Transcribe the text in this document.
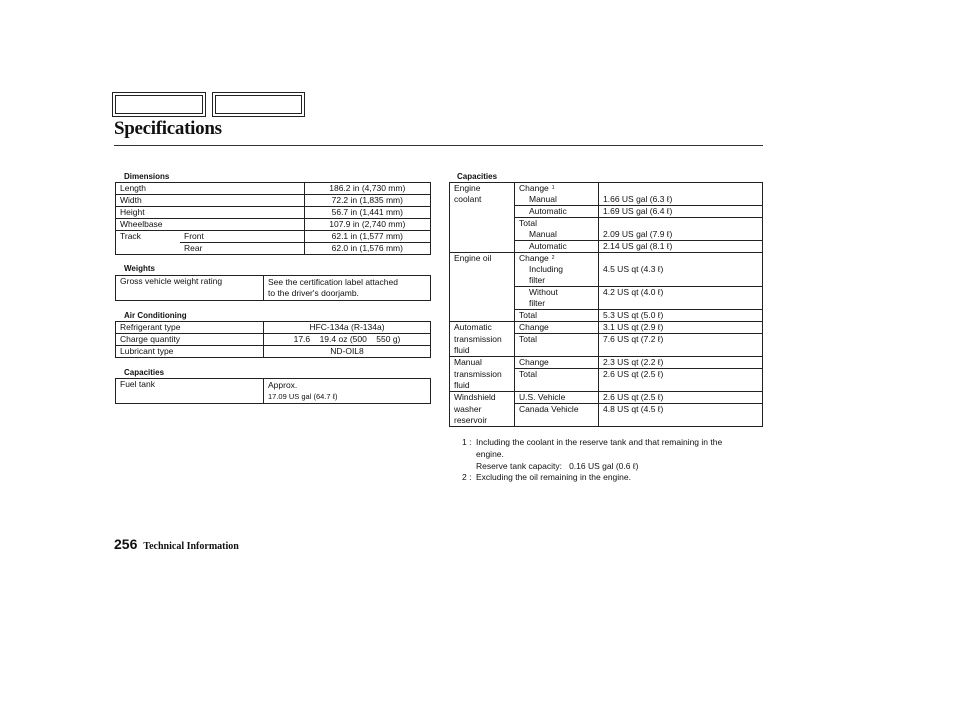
Specifications
Dimensions
Length		186.2 in (4,730 mm)
Width		72.2 in (1,835 mm)
Height		56.7 in (1,441 mm)
Wheelbase		107.9 in (2,740 mm)
Track	Front	62.1 in (1,577 mm)
	Rear	62.0 in (1,576 mm)
Weights
Gross vehicle weight rating	See the certification label attached
to the driver's doorjamb.
Air Conditioning
Refrigerant type	HFC-134a (R-134a)
Charge quantity	17.6    19.4 oz (500    550 g)
Lubricant type	ND-OIL8
Capacities
Fuel tank	Approx.
17.09 US gal (64.7 ℓ)
Capacities
Engine	Change $^1$	
coolant	Manual	1.66 US gal (6.3 ℓ)
	Automatic	1.69 US gal (6.4 ℓ)
	Total	
	Manual	2.09 US gal (7.9 ℓ)
	Automatic	2.14 US gal (8.1 ℓ)
Engine oil	Change $^2$	
	Including	4.5 US qt (4.3 ℓ)
	filter	
	Without	4.2 US qt (4.0 ℓ)
	filter	
	Total	5.3 US qt (5.0 ℓ)
Automatic	Change	3.1 US qt (2.9 ℓ)
transmission	Total	7.6 US qt (7.2 ℓ)
fluid		
Manual	Change	2.3 US qt (2.2 ℓ)
transmission	Total	2.6 US qt (2.5 ℓ)
fluid		
Windshield	U.S. Vehicle	2.6 US qt (2.5 ℓ)
washer	Canada Vehicle	4.8 US qt (4.5 ℓ)
reservoir		
1 : Including the coolant in the reserve tank and that remaining in the
engine.
Reserve tank capacity:   0.16 US gal (0.6 ℓ)
2 : Excluding the oil remaining in the engine.
256 Technical Information
